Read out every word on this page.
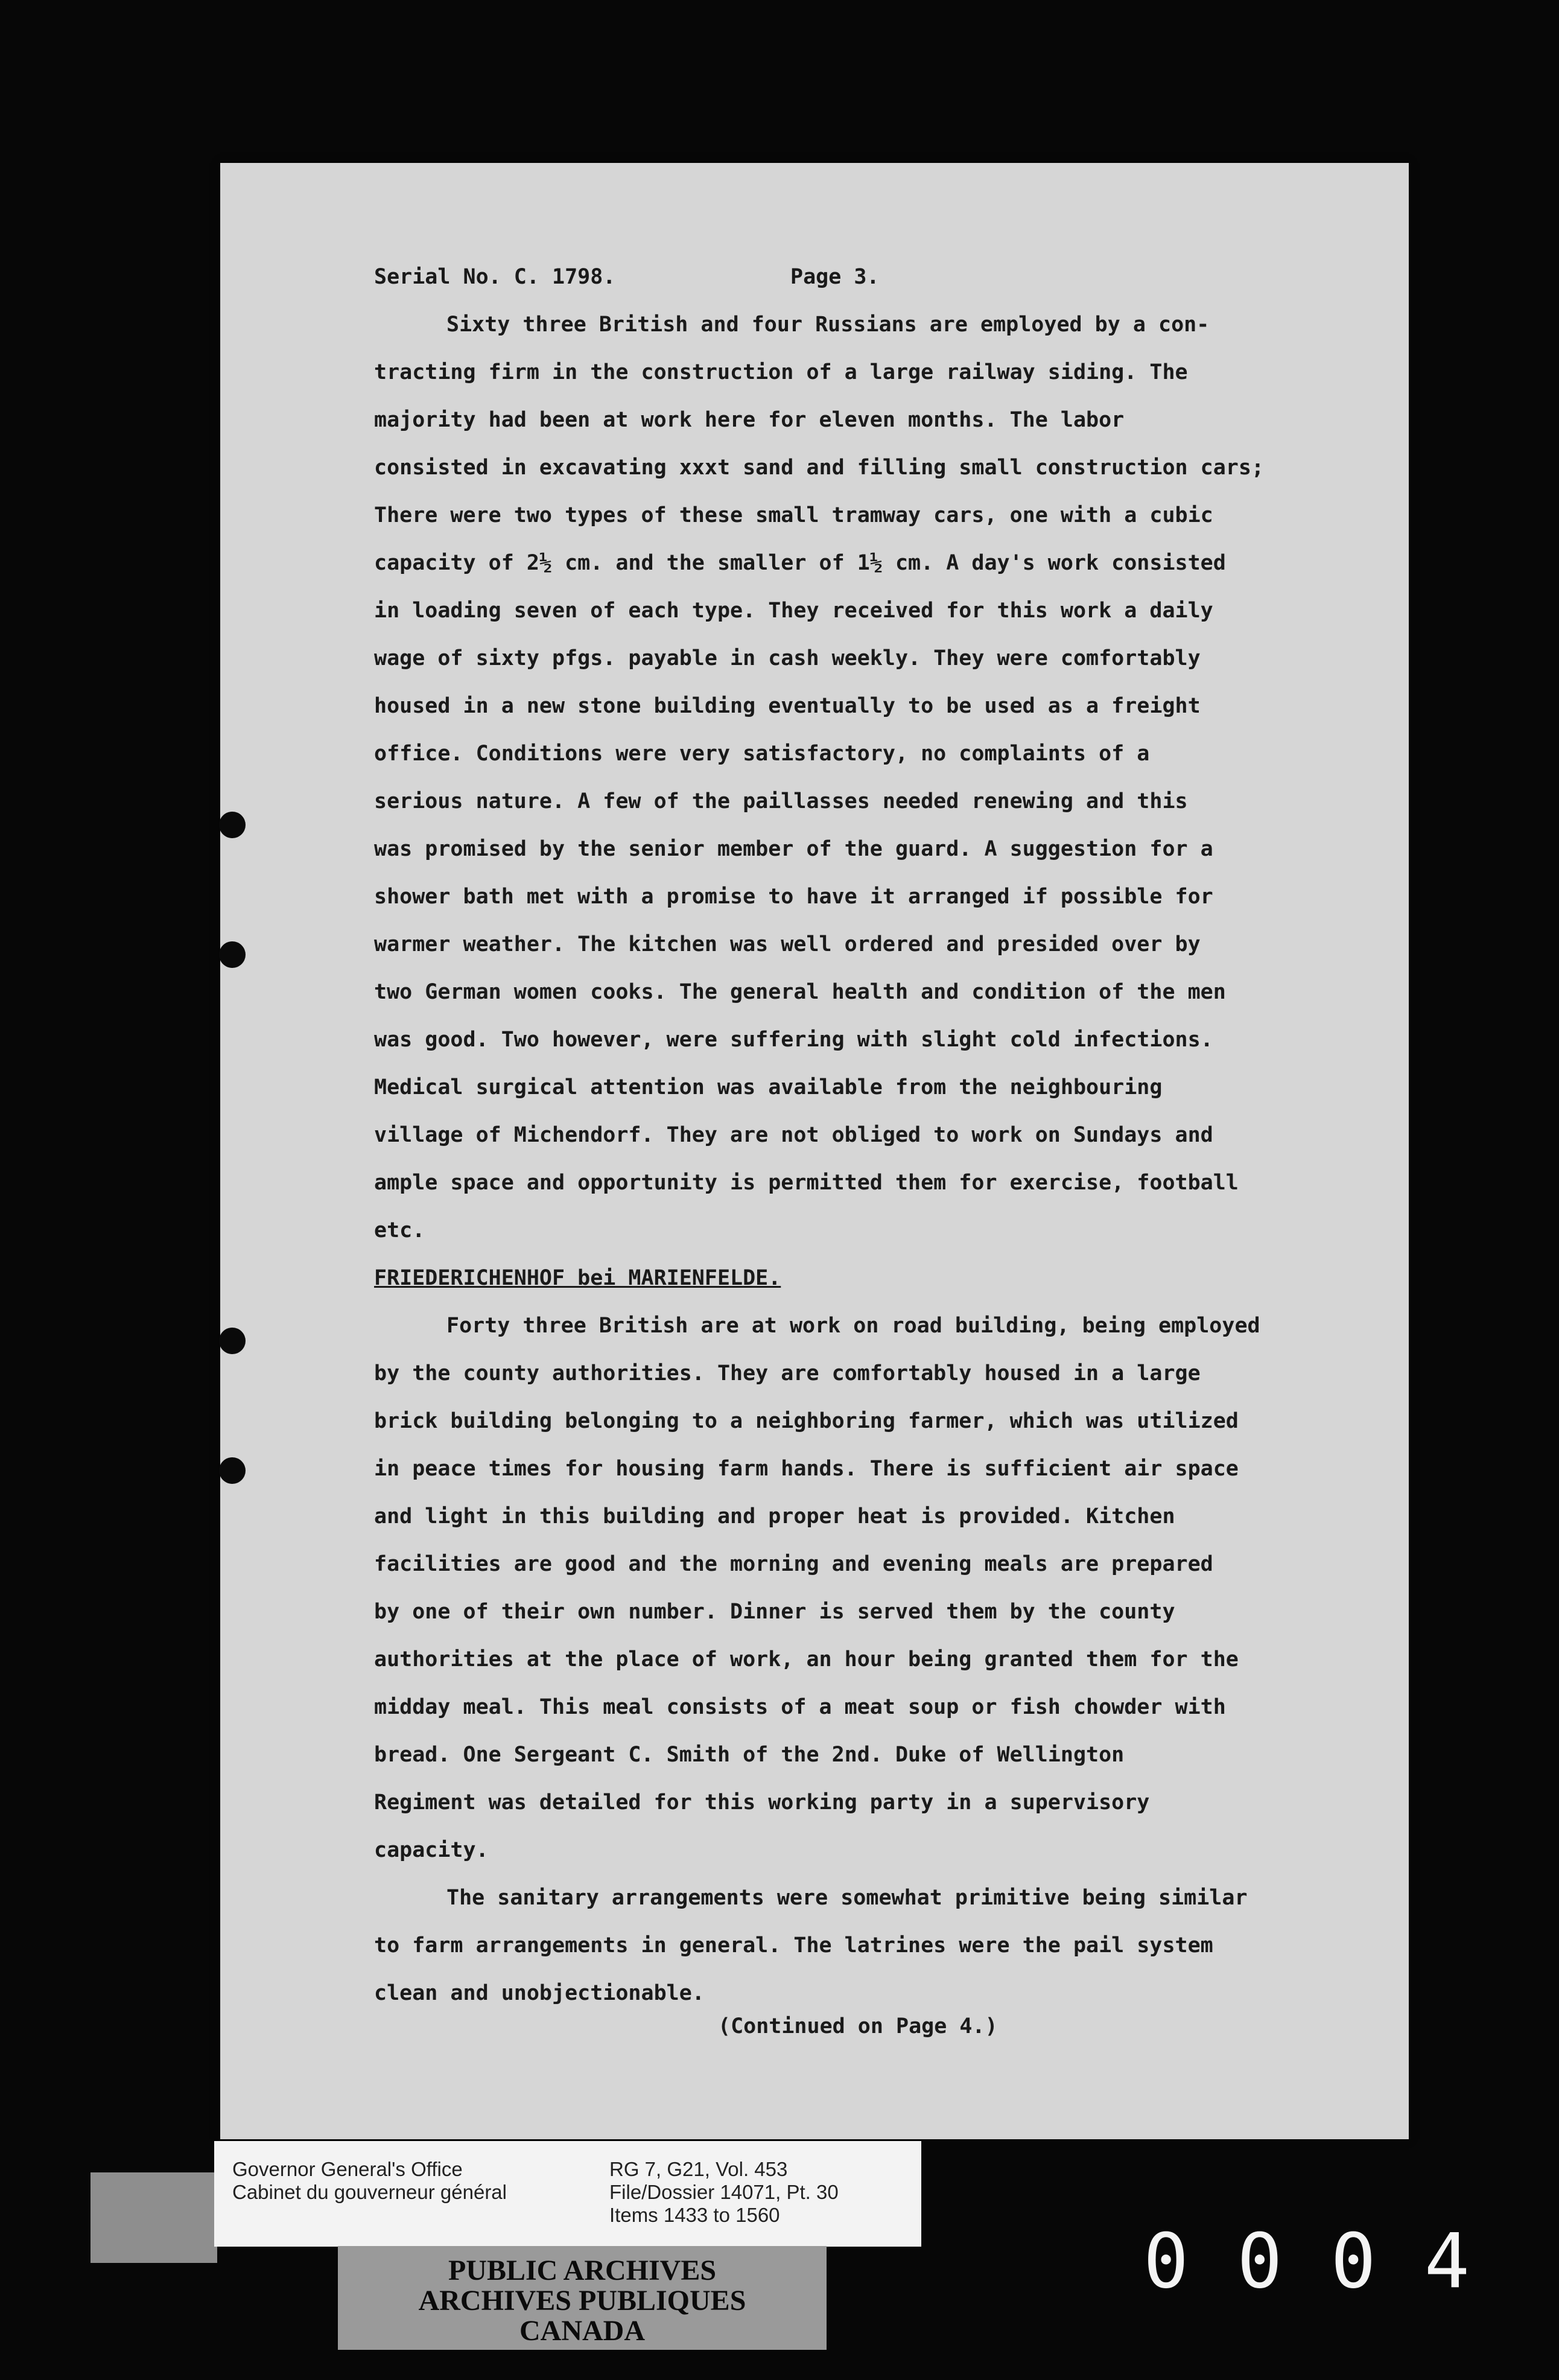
Serial No. C. 1798.	Page 3.

Sixty three British and four Russians are employed by a con-

tracting firm in the construction of a large railway siding. The

majority had been at work here for eleven months. The labor

consisted in excavating xxxt sand and filling small construction cars;

There were two types of these small tramway cars, one with a cubic

capacity of 2½ cm. and the smaller of 1½ cm. A day's work consisted

in loading seven of each type. They received for this work a daily

wage of sixty pfgs. payable in cash weekly. They were comfortably

housed in a new stone building eventually to be used as a freight

office. Conditions were very satisfactory, no complaints of a

serious nature. A few of the paillasses needed renewing and this

was promised by the senior member of the guard. A suggestion for a

shower bath met with a promise to have it arranged if possible for

warmer weather. The kitchen was well ordered and presided over by

two German women cooks. The general health and condition of the men

was good. Two however, were suffering with slight cold infections.

Medical surgical attention was available from the neighbouring

village of Michendorf. They are not obliged to work on Sundays and

ample space and opportunity is permitted them for exercise, football

etc.

FRIEDERICHENHOF bei MARIENFELDE.

Forty three British are at work on road building, being employed

by the county authorities. They are comfortably housed in a large

brick building belonging to a neighboring farmer, which was utilized

in peace times for housing farm hands. There is sufficient air space

and light in this building and proper heat is provided. Kitchen

facilities are good and the morning and evening meals are prepared

by one of their own number. Dinner is served them by the county

authorities at the place of work, an hour being granted them for the

midday meal. This meal consists of a meat soup or fish chowder with

bread. One Sergeant C. Smith of the 2nd. Duke of Wellington

Regiment was detailed for this working party in a supervisory

capacity.

The sanitary arrangements were somewhat primitive being similar

to farm arrangements in general. The latrines were the pail system

clean and unobjectionable.

(Continued on Page 4.)
Governor General's Office
Cabinet du gouverneur général
RG 7, G21, Vol. 453
File/Dossier 14071, Pt. 30
Items 1433 to 1560
PUBLIC ARCHIVES
ARCHIVES PUBLIQUES
CANADA
0004
